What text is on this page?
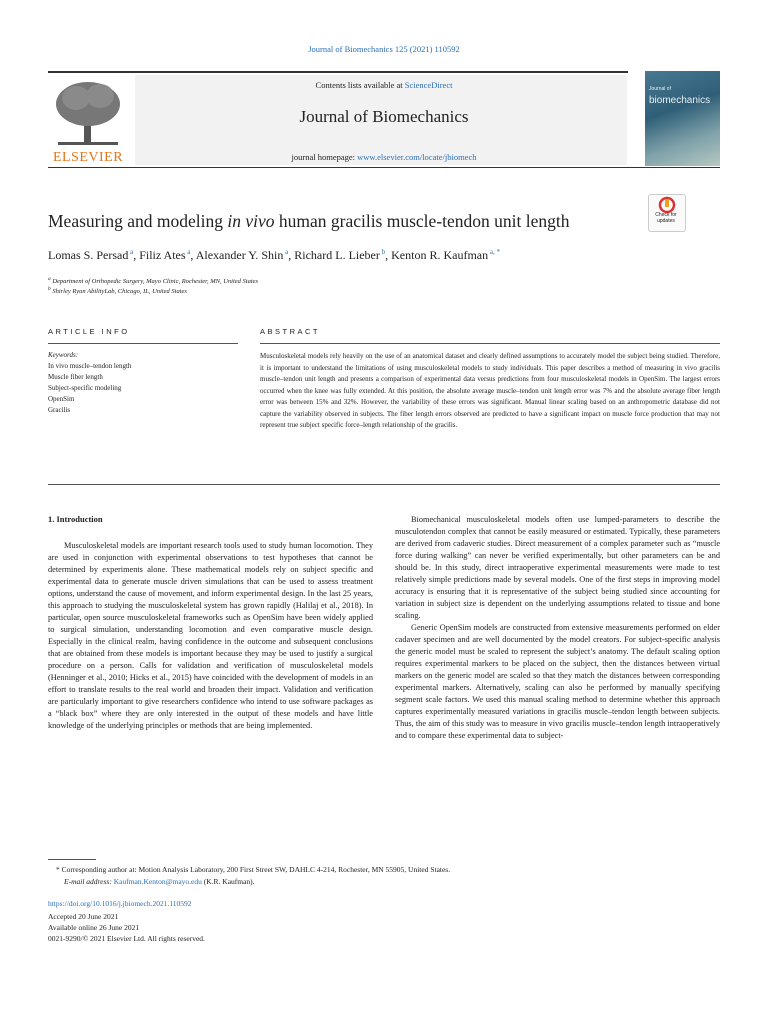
Journal of Biomechanics 125 (2021) 110592
ELSEVIER
Contents lists available at ScienceDirect
Journal of Biomechanics
journal homepage: www.elsevier.com/locate/jbiomech
Journal of
biomechanics
Measuring and modeling in vivo human gracilis muscle-tendon unit length	Check for updates
Lomas S. Persad $^a$, Filiz Ates $^a$, Alexander Y. Shin $^a$, Richard L. Lieber $^b$, Kenton R. Kaufman $^{a, *}$
$^a$ Department of Orthopedic Surgery, Mayo Clinic, Rochester, MN, United States
$^b$ Shirley Ryan AbilityLab, Chicago, IL, United States
ARTICLE INFO	ABSTRACT
Keywords:
In vivo muscle–tendon length
Muscle fiber length
Subject-specific modeling
OpenSim
Gracilis
Musculoskeletal models rely heavily on the use of an anatomical dataset and clearly defined assumptions to accurately model the subject being studied. Therefore, it is important to understand the limitations of using musculoskeletal models to study individuals. This paper describes a method of measuring in vivo gracilis muscle–tendon unit length and presents a comparison of experimental data versus predictions from four musculoskeletal models in OpenSim. The largest errors occurred when the knee was fully extended. At this position, the absolute average muscle–tendon unit length error was 7% and the absolute average fiber length error was between 15% and 32%. However, the variability of these errors was significant. Manual linear scaling based on an anthropometric database did not capture the variability observed in subjects. The fiber length errors observed are predicted to have a significant impact on muscle force production that may not represent true subject specific force–length relationship of the gracilis.
1. Introduction

Musculoskeletal models are important research tools used to study human locomotion. They are used in conjunction with experimental observations to test hypotheses that cannot be determined by experiments alone. These mathematical models rely on subject specific and experimental data to generate muscle driven simulations that can be used to assess treatment options, understand the cause of movement, and inform experimental design. In the last 25 years, this approach to studying the musculoskeletal system has grown rapidly (Halilaj et al., 2018). In particular, open source musculoskeletal frameworks such as OpenSim have been widely applied to surgical simulation, understanding locomotion and even comparative muscle design. Especially in the clinical realm, having confidence in the outcome and subsequent conclusions that are obtained from these models is important because they may be used to justify a surgical procedure on a person. Calls for validation and verification of musculoskeletal models (Henninger et al., 2010; Hicks et al., 2015) have coincided with the development of models in an effort to translate results to the real world and broaden their impact. Validation and verification are particularly important to give researchers confidence who intend to use software packages as a “black box” where they are only interested in the output of these models and have little knowledge of the underlying principles or methods that are being implemented.

Biomechanical musculoskeletal models often use lumped-parameters to describe the musculotendon complex that cannot be easily measured or estimated. Typically, these parameters are derived from cadaveric studies. Direct measurement of a complex parameter such as “muscle force during walking” can never be verified experimentally, but other parameters can be and should be. In this study, direct intraoperative experimental measurements were made to test relatively simple predictions made by several models. One of the first steps in improving model accuracy is ensuring that it is representative of the subject being studied since accounting for variation in subject size is dependent on the underlying assumptions related to tissue and bone scaling.

Generic OpenSim models are constructed from extensive measurements performed on elder cadaver specimen and are well documented by the model creators. For subject-specific analysis the generic model must be scaled to represent the subject’s anatomy. The default scaling option requires experimental markers to be placed on the subject, then the distances between virtual markers on the generic model are scaled so that they match the distances between corresponding experimental markers. Alternatively, scaling can also be performed by manually specifying segment scale factors. We used this manual scaling method to determine whether this approach captures experimentally measured variations in gracilis muscle–tendon length between subjects. Thus, the aim of this study was to measure in vivo gracilis muscle–tendon length intraoperatively and to compare these experimental data to subject-

* Corresponding author at: Motion Analysis Laboratory, 200 First Street SW, DAHLC 4-214, Rochester, MN 55905, United States.
E-mail address: Kaufman.Kenton@mayo.edu (K.R. Kaufman).
https://doi.org/10.1016/j.jbiomech.2021.110592
Accepted 20 June 2021
Available online 26 June 2021
0021-9290/© 2021 Elsevier Ltd. All rights reserved.
